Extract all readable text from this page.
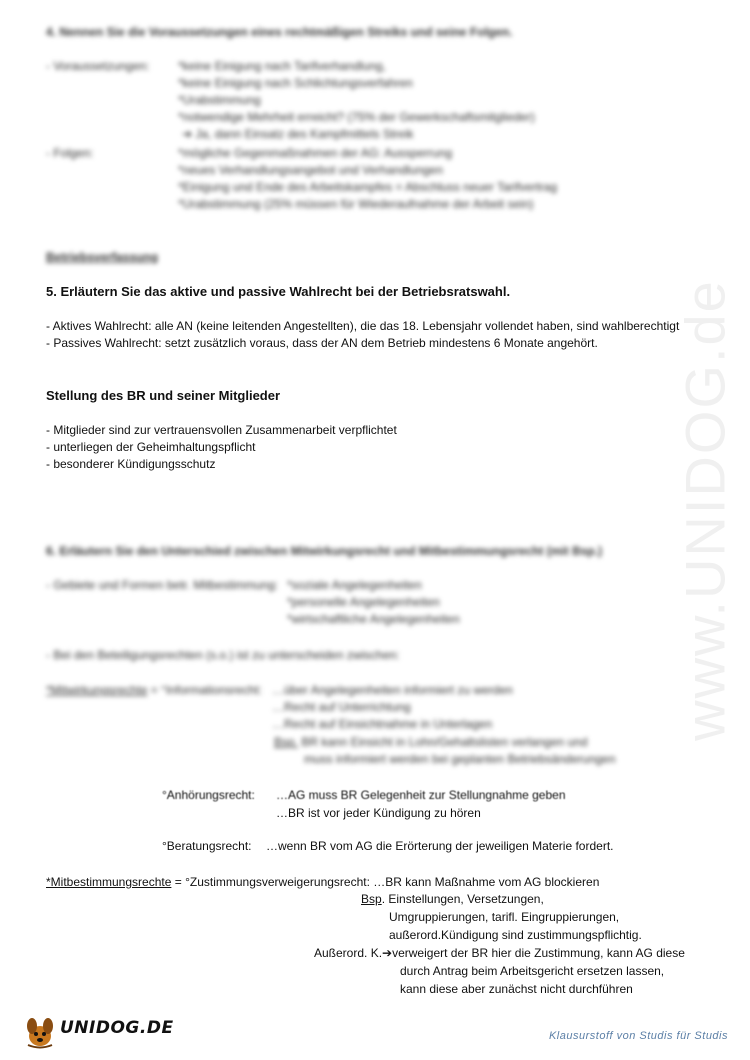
www.UNIDOG.de
4. Nennen Sie die Voraussetzungen eines rechtmäßigen Streiks und seine Folgen.
- Voraussetzungen: *keine Einigung nach Tarifverhandlung,
*keine Einigung nach Schlichtungsverfahren
*Urabstimmung
*notwendige Mehrheit erreicht? (75% der Gewerkschaftsmitglieder)
➔ Ja, dann Einsatz des Kampfmittels Streik
- Folgen:	*mögliche Gegenmaßnahmen der AG: Aussperrung
*neues Verhandlungsangebot und Verhandlungen
*Einigung und Ende des Arbeitskampfes = Abschluss neuer Tarifvertrag
*Urabstimmung (25% müssen für Wiederaufnahme der Arbeit sein)
Betriebsverfassung
5. Erläutern Sie das aktive und passive Wahlrecht bei der Betriebsratswahl.
- Aktives Wahlrecht: alle AN (keine leitenden Angestellten), die das 18. Lebensjahr vollendet haben, sind wahlberechtigt
- Passives Wahlrecht: setzt zusätzlich voraus, dass der AN dem Betrieb mindestens 6 Monate angehört.
Stellung des BR und seiner Mitglieder
- Mitglieder sind zur vertrauensvollen Zusammenarbeit verpflichtet
- unterliegen der Geheimhaltungspflicht
- besonderer Kündigungsschutz
6. Erläutern Sie den Unterschied zwischen Mitwirkungsrecht und Mitbestimmungsrecht (mit Bsp.)
- Gebiete und Formen betr. Mitbestimmung: *soziale Angelegenheiten
*personelle Angelegenheiten
*wirtschaftliche Angelegenheiten
- Bei den Beteiligungsrechten (s.o.) ist zu unterscheiden zwischen:
*Mitwirkungsrechte = °Informationsrecht: …über Angelegenheiten informiert zu werden
…Recht auf Unterrichtung
…Recht auf Einsichtnahme in Unterlagen
Bsp. BR kann Einsicht in Lohn/Gehaltslisten verlangen und
muss informiert werden bei geplanten Betriebsänderungen
°Anhörungsrecht: …AG muss BR Gelegenheit zur Stellungnahme geben
…BR ist vor jeder Kündigung zu hören
°Beratungsrecht: …wenn BR vom AG die Erörterung der jeweiligen Materie fordert.
*Mitbestimmungsrechte = °Zustimmungsverweigerungsrecht: …BR kann Maßnahme vom AG blockieren
Bsp. Einstellungen, Versetzungen,
Umgruppierungen, tarifl. Eingruppierungen,
außerord.Kündigung sind zustimmungspflichtig.
Außerord. K.➔verweigert der BR hier die Zustimmung, kann AG diese
durch Antrag beim Arbeitsgericht ersetzen lassen,
kann diese aber zunächst nicht durchführen
UNIDOG.DE	Klausurstoff von Studis für Studis
